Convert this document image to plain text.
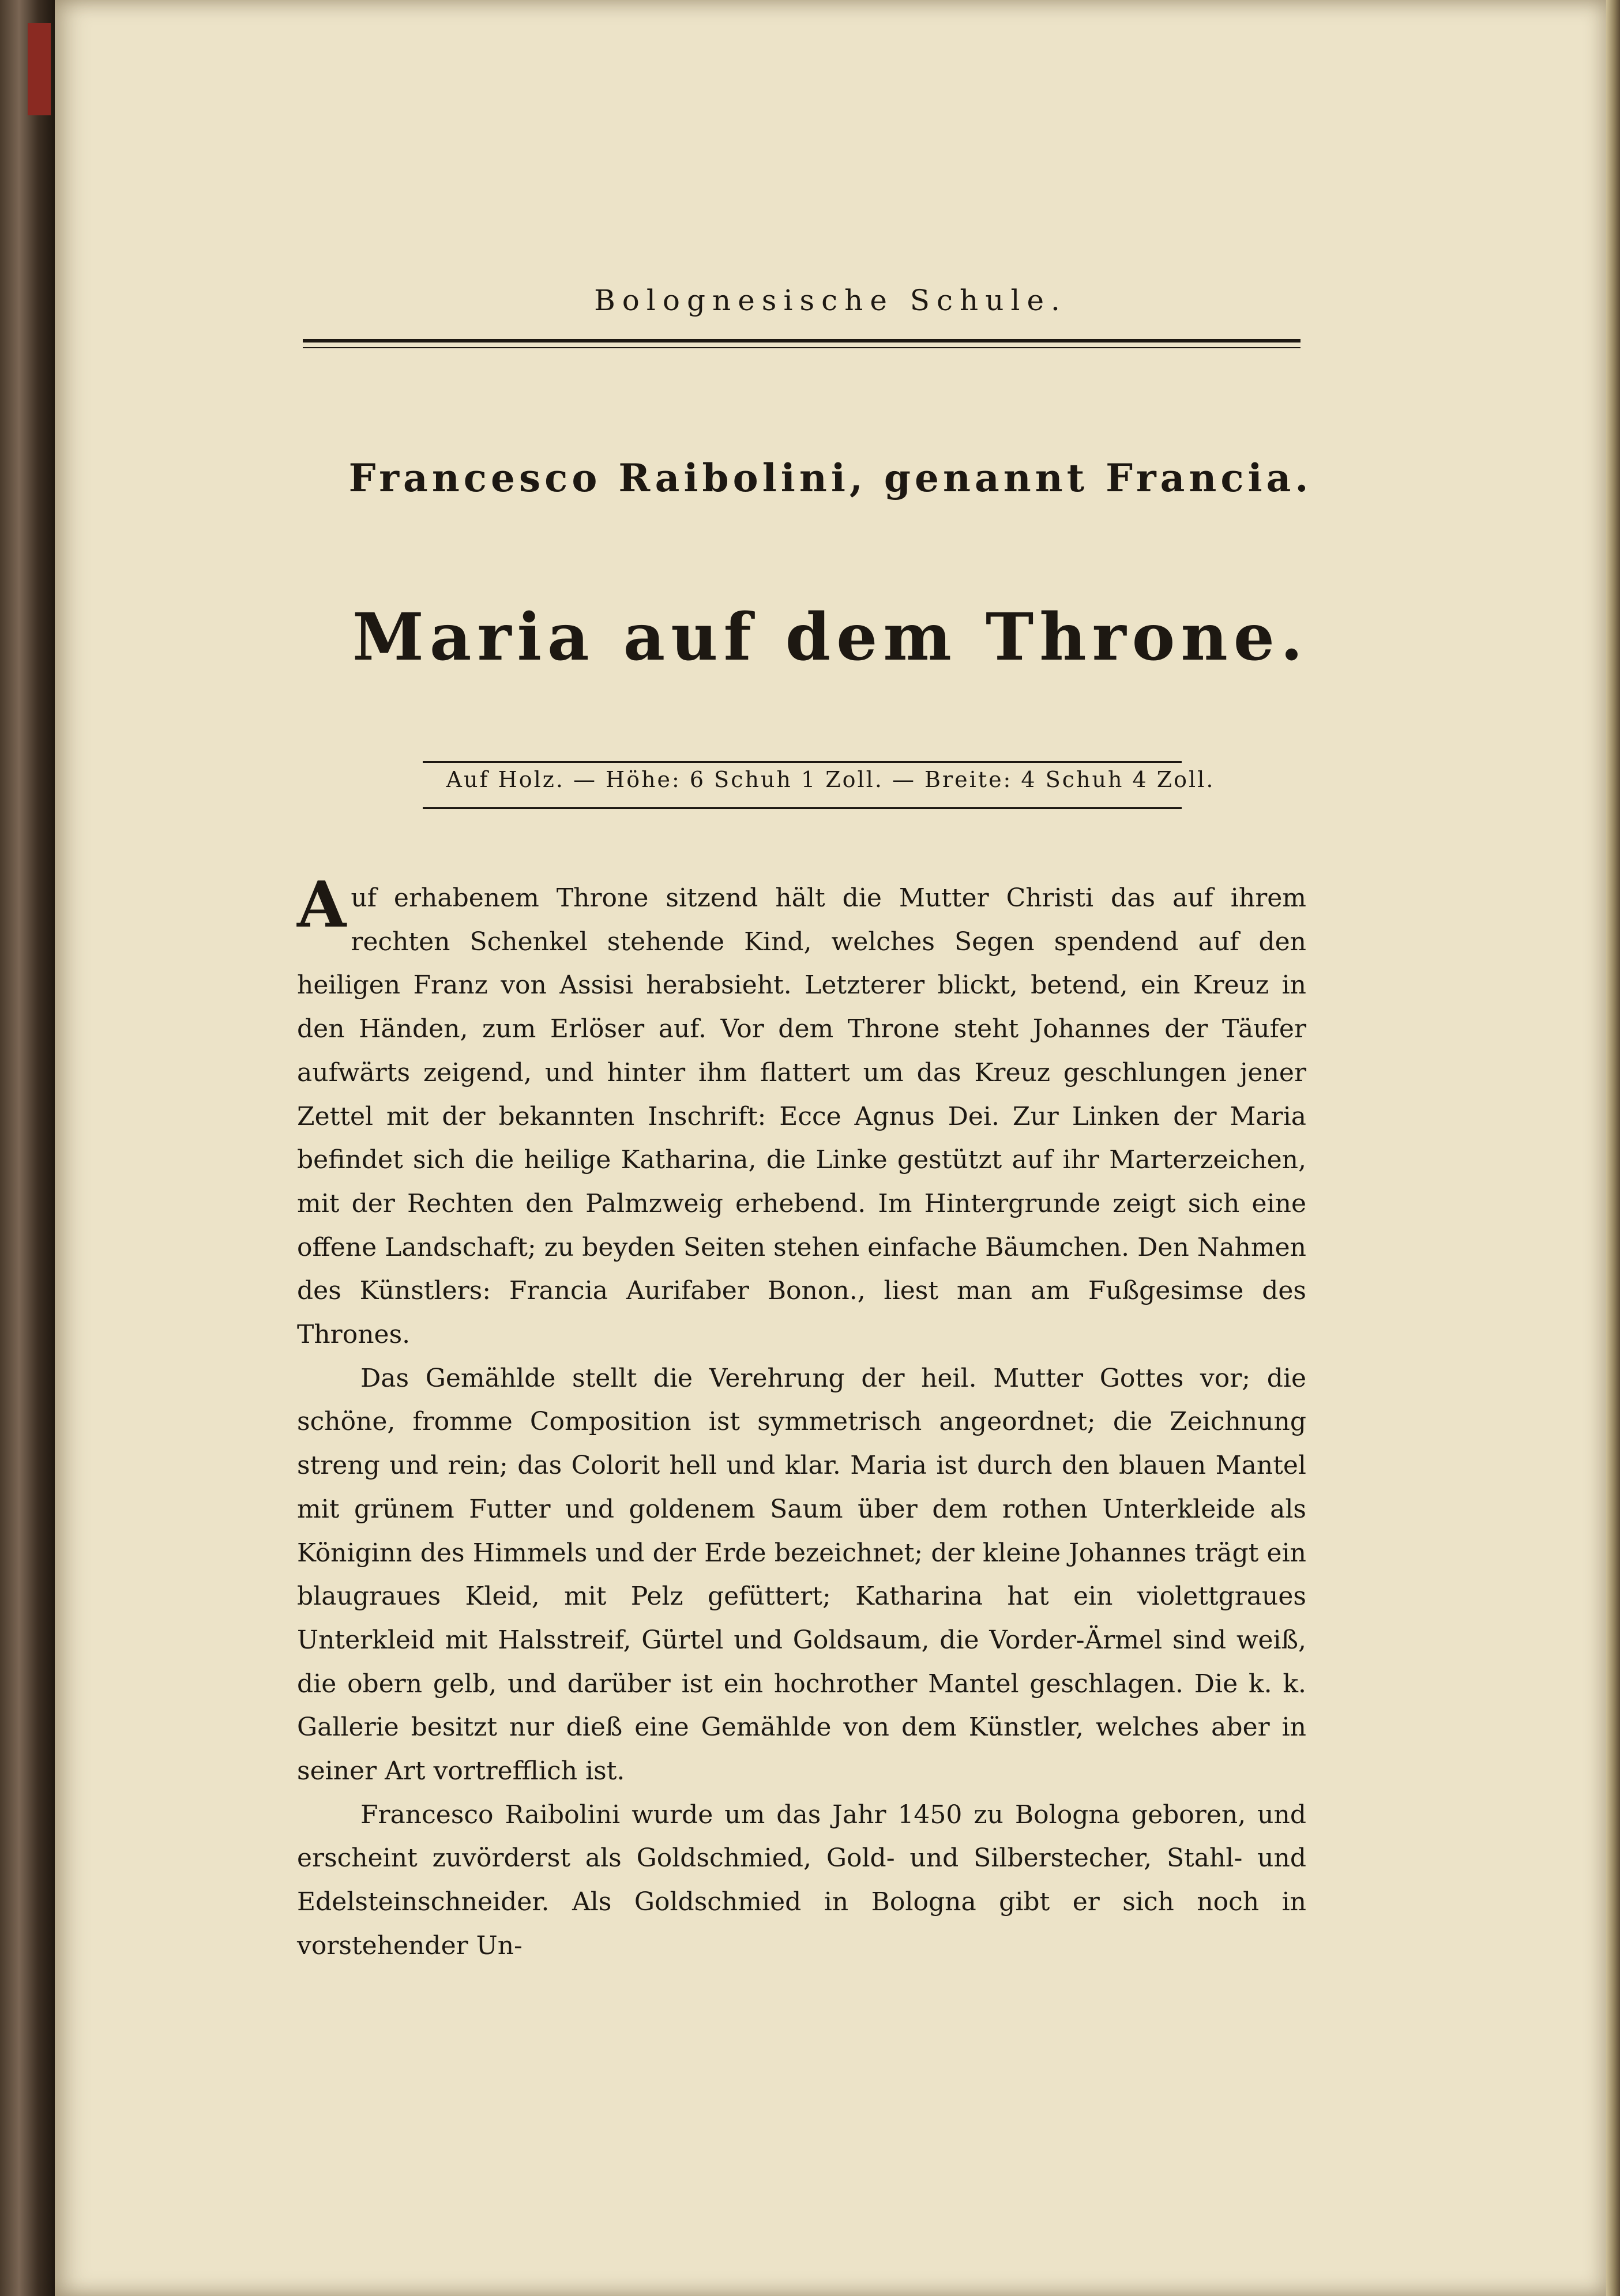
Bolognesische Schule.
Francesco Raibolini, genannt Francia.
Maria auf dem Throne.
Auf Holz. — Höhe: 6 Schuh 1 Zoll. — Breite: 4 Schuh 4 Zoll.

Auf erhabenem Throne sitzend hält die Mutter Christi das auf ihrem rechten Schenkel stehende Kind, welches Segen spendend auf den heiligen Franz von Assisi herabsieht. Letzterer blickt, betend, ein Kreuz in den Händen, zum Erlöser auf. Vor dem Throne steht Johannes der Täufer aufwärts zeigend, und hinter ihm flattert um das Kreuz geschlungen jener Zettel mit der bekannten Inschrift: Ecce Agnus Dei. Zur Linken der Maria befindet sich die heilige Katharina, die Linke gestützt auf ihr Marterzeichen, mit der Rechten den Palmzweig erhebend. Im Hintergrunde zeigt sich eine offene Landschaft; zu beyden Seiten stehen einfache Bäumchen. Den Nahmen des Künstlers: Francia Aurifaber Bonon., liest man am Fußgesimse des Thrones.

Das Gemählde stellt die Verehrung der heil. Mutter Gottes vor; die schöne, fromme Composition ist symmetrisch angeordnet; die Zeichnung streng und rein; das Colorit hell und klar. Maria ist durch den blauen Mantel mit grünem Futter und goldenem Saum über dem rothen Unterkleide als Königinn des Himmels und der Erde bezeichnet; der kleine Johannes trägt ein blaugraues Kleid, mit Pelz gefüttert; Katharina hat ein violettgraues Unterkleid mit Halsstreif, Gürtel und Goldsaum, die Vorder-Ärmel sind weiß, die obern gelb, und darüber ist ein hochrother Mantel geschlagen. Die k. k. Gallerie besitzt nur dieß eine Gemählde von dem Künstler, welches aber in seiner Art vortrefflich ist.

Francesco Raibolini wurde um das Jahr 1450 zu Bologna geboren, und erscheint zuvörderst als Goldschmied, Gold- und Silberstecher, Stahl- und Edelsteinschneider. Als Goldschmied in Bologna gibt er sich noch in vorstehender Un-
